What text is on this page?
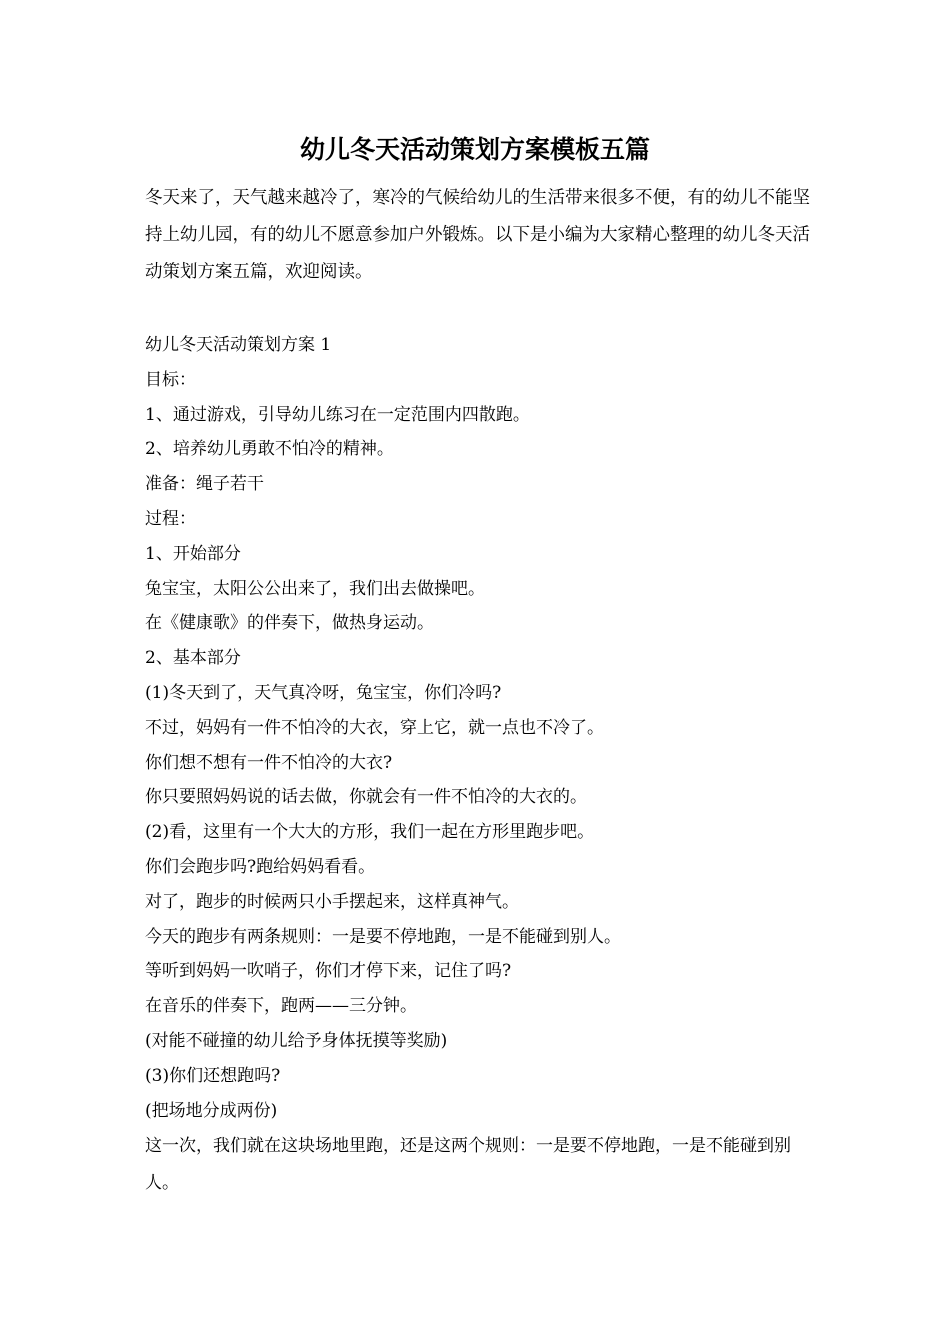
幼儿冬天活动策划方案模板五篇

冬天来了，天气越来越冷了，寒冷的气候给幼儿的生活带来很多不便，有的幼儿不能坚持上幼儿园，有的幼儿不愿意参加户外锻炼。以下是小编为大家精心整理的幼儿冬天活动策划方案五篇，欢迎阅读。

幼儿冬天活动策划方案 1
目标：
1、通过游戏，引导幼儿练习在一定范围内四散跑。
2、培养幼儿勇敢不怕冷的精神。
准备：绳子若干
过程：
1、开始部分
兔宝宝，太阳公公出来了，我们出去做操吧。
在《健康歌》的伴奏下，做热身运动。
2、基本部分
(1)冬天到了，天气真冷呀，兔宝宝，你们冷吗?
不过，妈妈有一件不怕冷的大衣，穿上它，就一点也不冷了。
你们想不想有一件不怕冷的大衣?
你只要照妈妈说的话去做，你就会有一件不怕冷的大衣的。
(2)看，这里有一个大大的方形，我们一起在方形里跑步吧。
你们会跑步吗?跑给妈妈看看。
对了，跑步的时候两只小手摆起来，这样真神气。
今天的跑步有两条规则：一是要不停地跑，一是不能碰到别人。
等听到妈妈一吹哨子，你们才停下来，记住了吗?
在音乐的伴奏下，跑两——三分钟。
(对能不碰撞的幼儿给予身体抚摸等奖励)
(3)你们还想跑吗?
(把场地分成两份)
这一次，我们就在这块场地里跑，还是这两个规则：一是要不停地跑，一是不能碰到别人。
